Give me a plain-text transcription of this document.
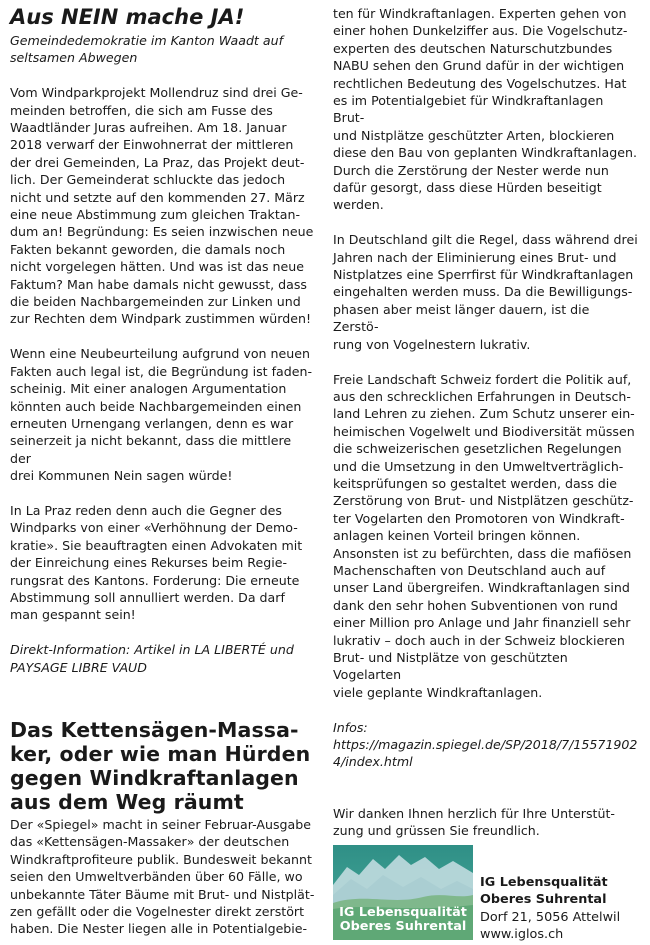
Aus NEIN mache JA!
Gemeindedemokratie im Kanton Waadt auf
seltsamen Abwegen
Vom Windparkprojekt Mollendruz sind drei Ge-
meinden betroffen, die sich am Fusse des
Waadtländer Juras aufreihen. Am 18. Januar
2018 verwarf der Einwohnerrat der mittleren
der drei Gemeinden, La Praz, das Projekt deut-
lich. Der Gemeinderat schluckte das jedoch
nicht und setzte auf den kommenden 27. März
eine neue Abstimmung zum gleichen Traktan-
dum an! Begründung: Es seien inzwischen neue
Fakten bekannt geworden, die damals noch
nicht vorgelegen hätten. Und was ist das neue
Faktum? Man habe damals nicht gewusst, dass
die beiden Nachbargemeinden zur Linken und
zur Rechten dem Windpark zustimmen würden!
Wenn eine Neubeurteilung aufgrund von neuen
Fakten auch legal ist, die Begründung ist faden-
scheinig. Mit einer analogen Argumentation
könnten auch beide Nachbargemeinden einen
erneuten Urnengang verlangen, denn es war
seinerzeit ja nicht bekannt, dass die mittlere der
drei Kommunen Nein sagen würde!
In La Praz reden denn auch die Gegner des
Windparks von einer «Verhöhnung der Demo-
kratie». Sie beauftragten einen Advokaten mit
der Einreichung eines Rekurses beim Regie-
rungsrat des Kantons. Forderung: Die erneute
Abstimmung soll annulliert werden. Da darf
man gespannt sein!
Direkt-Information: Artikel in LA LIBERTÉ und
PAYSAGE LIBRE VAUD
Das Kettensägen-Massa-
ker, oder wie man Hürden
gegen Windkraftanlagen
aus dem Weg räumt
Der «Spiegel» macht in seiner Februar-Ausgabe
das «Kettensägen-Massaker» der deutschen
Windkraftprofiteure publik. Bundesweit bekannt
seien den Umweltverbänden über 60 Fälle, wo
unbekannte Täter Bäume mit Brut- und Nistplät-
zen gefällt oder die Vogelnester direkt zerstört
haben. Die Nester liegen alle in Potentialgebie-
ten für Windkraftanlagen. Experten gehen von
einer hohen Dunkelziffer aus. Die Vogelschutz-
experten des deutschen Naturschutzbundes
NABU sehen den Grund dafür in der wichtigen
rechtlichen Bedeutung des Vogelschutzes. Hat
es im Potentialgebiet für Windkraftanlagen Brut-
und Nistplätze geschützter Arten, blockieren
diese den Bau von geplanten Windkraftanlagen.
Durch die Zerstörung der Nester werde nun
dafür gesorgt, dass diese Hürden beseitigt
werden.
In Deutschland gilt die Regel, dass während drei
Jahren nach der Eliminierung eines Brut- und
Nistplatzes eine Sperrfirst für Windkraftanlagen
eingehalten werden muss. Da die Bewilligungs-
phasen aber meist länger dauern, ist die Zerstö-
rung von Vogelnestern lukrativ.
Freie Landschaft Schweiz fordert die Politik auf,
aus den schrecklichen Erfahrungen in Deutsch-
land Lehren zu ziehen. Zum Schutz unserer ein-
heimischen Vogelwelt und Biodiversität müssen
die schweizerischen gesetzlichen Regelungen
und die Umsetzung in den Umweltverträglich-
keitsprüfungen so gestaltet werden, dass die
Zerstörung von Brut- und Nistplätzen geschütz-
ter Vogelarten den Promotoren von Windkraft-
anlagen keinen Vorteil bringen können.
Ansonsten ist zu befürchten, dass die mafiösen
Machenschaften von Deutschland auch auf
unser Land übergreifen. Windkraftanlagen sind
dank den sehr hohen Subventionen von rund
einer Million pro Anlage und Jahr finanziell sehr
lukrativ – doch auch in der Schweiz blockieren
Brut- und Nistplätze von geschützten Vogelarten
viele geplante Windkraftanlagen.
Infos:
https://magazin.spiegel.de/SP/2018/7/15571902
4/index.html
Wir danken Ihnen herzlich für Ihre Unterstüt-
zung und grüssen Sie freundlich.
IG Lebensqualität
Oberes Suhrental
IG Lebensqualität
Oberes Suhrental
Dorf 21, 5056 Attelwil
www.iglos.ch
